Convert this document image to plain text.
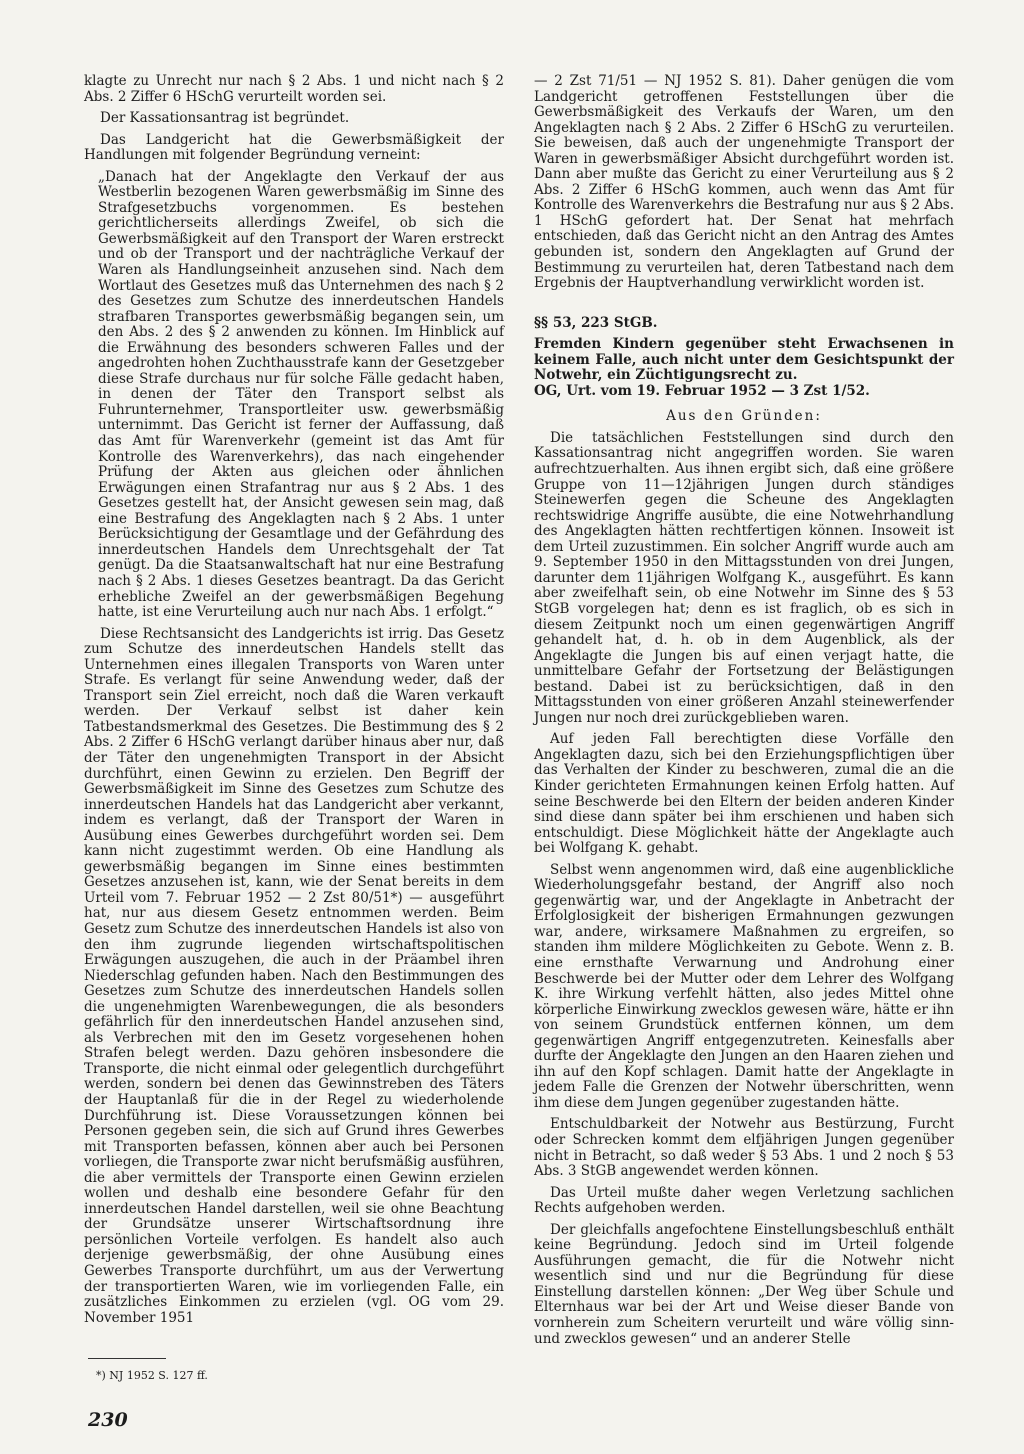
klagte zu Unrecht nur nach § 2 Abs. 1 und nicht nach § 2 Abs. 2 Ziffer 6 HSchG verurteilt worden sei.

Der Kassationsantrag ist begründet.

Das Landgericht hat die Gewerbsmäßigkeit der Handlungen mit folgender Begründung verneint:

„Danach hat der Angeklagte den Verkauf der aus Westberlin bezogenen Waren gewerbsmäßig im Sinne des Strafgesetzbuchs vorgenommen. Es bestehen gerichtlicherseits allerdings Zweifel, ob sich die Gewerbsmäßigkeit auf den Transport der Waren erstreckt und ob der Transport und der nachträgliche Verkauf der Waren als Handlungseinheit anzusehen sind. Nach dem Wortlaut des Gesetzes muß das Unternehmen des nach § 2 des Gesetzes zum Schutze des innerdeutschen Handels strafbaren Transportes gewerbsmäßig begangen sein, um den Abs. 2 des § 2 anwenden zu können. Im Hinblick auf die Erwähnung des besonders schweren Falles und der angedrohten hohen Zuchthausstrafe kann der Gesetzgeber diese Strafe durchaus nur für solche Fälle gedacht haben, in denen der Täter den Transport selbst als Fuhrunternehmer, Transportleiter usw. gewerbsmäßig unternimmt. Das Gericht ist ferner der Auffassung, daß das Amt für Warenverkehr (gemeint ist das Amt für Kontrolle des Warenverkehrs), das nach eingehender Prüfung der Akten aus gleichen oder ähnlichen Erwägungen einen Strafantrag nur aus § 2 Abs. 1 des Gesetzes gestellt hat, der Ansicht gewesen sein mag, daß eine Bestrafung des Angeklagten nach § 2 Abs. 1 unter Berücksichtigung der Gesamtlage und der Gefährdung des innerdeutschen Handels dem Unrechtsgehalt der Tat genügt. Da die Staatsanwaltschaft hat nur eine Bestrafung nach § 2 Abs. 1 dieses Gesetzes beantragt. Da das Gericht erhebliche Zweifel an der gewerbsmäßigen Begehung hatte, ist eine Verurteilung auch nur nach Abs. 1 erfolgt.“

Diese Rechtsansicht des Landgerichts ist irrig. Das Gesetz zum Schutze des innerdeutschen Handels stellt das Unternehmen eines illegalen Transports von Waren unter Strafe. Es verlangt für seine Anwendung weder, daß der Transport sein Ziel erreicht, noch daß die Waren verkauft werden. Der Verkauf selbst ist daher kein Tatbestandsmerkmal des Gesetzes. Die Bestimmung des § 2 Abs. 2 Ziffer 6 HSchG verlangt darüber hinaus aber nur, daß der Täter den ungenehmigten Transport in der Absicht durchführt, einen Gewinn zu erzielen. Den Begriff der Gewerbsmäßigkeit im Sinne des Gesetzes zum Schutze des innerdeutschen Handels hat das Landgericht aber verkannt, indem es verlangt, daß der Transport der Waren in Ausübung eines Gewerbes durchgeführt worden sei. Dem kann nicht zugestimmt werden. Ob eine Handlung als gewerbsmäßig begangen im Sinne eines bestimmten Gesetzes anzusehen ist, kann, wie der Senat bereits in dem Urteil vom 7. Februar 1952 — 2 Zst 80/51*) — ausgeführt hat, nur aus diesem Gesetz entnommen werden. Beim Gesetz zum Schutze des innerdeutschen Handels ist also von den ihm zugrunde liegenden wirtschaftspolitischen Erwägungen auszugehen, die auch in der Präambel ihren Niederschlag gefunden haben. Nach den Bestimmungen des Gesetzes zum Schutze des innerdeutschen Handels sollen die ungenehmigten Warenbewegungen, die als besonders gefährlich für den innerdeutschen Handel anzusehen sind, als Verbrechen mit den im Gesetz vorgesehenen hohen Strafen belegt werden. Dazu gehören insbesondere die Transporte, die nicht einmal oder gelegentlich durchgeführt werden, sondern bei denen das Gewinnstreben des Täters der Hauptanlaß für die in der Regel zu wiederholende Durchführung ist. Diese Voraussetzungen können bei Personen gegeben sein, die sich auf Grund ihres Gewerbes mit Transporten befassen, können aber auch bei Personen vorliegen, die Transporte zwar nicht berufsmäßig ausführen, die aber vermittels der Transporte einen Gewinn erzielen wollen und deshalb eine besondere Gefahr für den innerdeutschen Handel darstellen, weil sie ohne Beachtung der Grundsätze unserer Wirtschaftsordnung ihre persönlichen Vorteile verfolgen. Es handelt also auch derjenige gewerbsmäßig, der ohne Ausübung eines Gewerbes Transporte durchführt, um aus der Verwertung der transportierten Waren, wie im vorliegenden Falle, ein zusätzliches Einkommen zu erzielen (vgl. OG vom 29. November 1951

— 2 Zst 71/51 — NJ 1952 S. 81). Daher genügen die vom Landgericht getroffenen Feststellungen über die Gewerbsmäßigkeit des Verkaufs der Waren, um den Angeklagten nach § 2 Abs. 2 Ziffer 6 HSchG zu verurteilen. Sie beweisen, daß auch der ungenehmigte Transport der Waren in gewerbsmäßiger Absicht durchgeführt worden ist. Dann aber mußte das Gericht zu einer Verurteilung aus § 2 Abs. 2 Ziffer 6 HSchG kommen, auch wenn das Amt für Kontrolle des Warenverkehrs die Bestrafung nur aus § 2 Abs. 1 HSchG gefordert hat. Der Senat hat mehrfach entschieden, daß das Gericht nicht an den Antrag des Amtes gebunden ist, sondern den Angeklagten auf Grund der Bestimmung zu verurteilen hat, deren Tatbestand nach dem Ergebnis der Hauptverhandlung verwirklicht worden ist.

§§ 53, 223 StGB.

Fremden Kindern gegenüber steht Erwachsenen in keinem Falle, auch nicht unter dem Gesichtspunkt der Notwehr, ein Züchtigungsrecht zu.

OG, Urt. vom 19. Februar 1952 — 3 Zst 1/52.

Aus den Gründen:

Die tatsächlichen Feststellungen sind durch den Kassationsantrag nicht angegriffen worden. Sie waren aufrechtzuerhalten. Aus ihnen ergibt sich, daß eine größere Gruppe von 11—12jährigen Jungen durch ständiges Steinewerfen gegen die Scheune des Angeklagten rechtswidrige Angriffe ausübte, die eine Notwehrhandlung des Angeklagten hätten rechtfertigen können. Insoweit ist dem Urteil zuzustimmen. Ein solcher Angriff wurde auch am 9. September 1950 in den Mittagsstunden von drei Jungen, darunter dem 11jährigen Wolfgang K., ausgeführt. Es kann aber zweifelhaft sein, ob eine Notwehr im Sinne des § 53 StGB vorgelegen hat; denn es ist fraglich, ob es sich in diesem Zeitpunkt noch um einen gegenwärtigen Angriff gehandelt hat, d. h. ob in dem Augenblick, als der Angeklagte die Jungen bis auf einen verjagt hatte, die unmittelbare Gefahr der Fortsetzung der Belästigungen bestand. Dabei ist zu berücksichtigen, daß in den Mittagsstunden von einer größeren Anzahl steinewerfender Jungen nur noch drei zurückgeblieben waren.

Auf jeden Fall berechtigten diese Vorfälle den Angeklagten dazu, sich bei den Erziehungspflichtigen über das Verhalten der Kinder zu beschweren, zumal die an die Kinder gerichteten Ermahnungen keinen Erfolg hatten. Auf seine Beschwerde bei den Eltern der beiden anderen Kinder sind diese dann später bei ihm erschienen und haben sich entschuldigt. Diese Möglichkeit hätte der Angeklagte auch bei Wolfgang K. gehabt.

Selbst wenn angenommen wird, daß eine augenblickliche Wiederholungsgefahr bestand, der Angriff also noch gegenwärtig war, und der Angeklagte in Anbetracht der Erfolglosigkeit der bisherigen Ermahnungen gezwungen war, andere, wirksamere Maßnahmen zu ergreifen, so standen ihm mildere Möglichkeiten zu Gebote. Wenn z. B. eine ernsthafte Verwarnung und Androhung einer Beschwerde bei der Mutter oder dem Lehrer des Wolfgang K. ihre Wirkung verfehlt hätten, also jedes Mittel ohne körperliche Einwirkung zwecklos gewesen wäre, hätte er ihn von seinem Grundstück entfernen können, um dem gegenwärtigen Angriff entgegenzutreten. Keinesfalls aber durfte der Angeklagte den Jungen an den Haaren ziehen und ihn auf den Kopf schlagen. Damit hatte der Angeklagte in jedem Falle die Grenzen der Notwehr überschritten, wenn ihm diese dem Jungen gegenüber zugestanden hätte.

Entschuldbarkeit der Notwehr aus Bestürzung, Furcht oder Schrecken kommt dem elfjährigen Jungen gegenüber nicht in Betracht, so daß weder § 53 Abs. 1 und 2 noch § 53 Abs. 3 StGB angewendet werden können.

Das Urteil mußte daher wegen Verletzung sachlichen Rechts aufgehoben werden.

Der gleichfalls angefochtene Einstellungsbeschluß enthält keine Begründung. Jedoch sind im Urteil folgende Ausführungen gemacht, die für die Notwehr nicht wesentlich sind und nur die Begründung für diese Einstellung darstellen können: „Der Weg über Schule und Elternhaus war bei der Art und Weise dieser Bande von vornherein zum Scheitern verurteilt und wäre völlig sinn- und zwecklos gewesen“ und an anderer Stelle

*) NJ 1952 S. 127 ff.
230
